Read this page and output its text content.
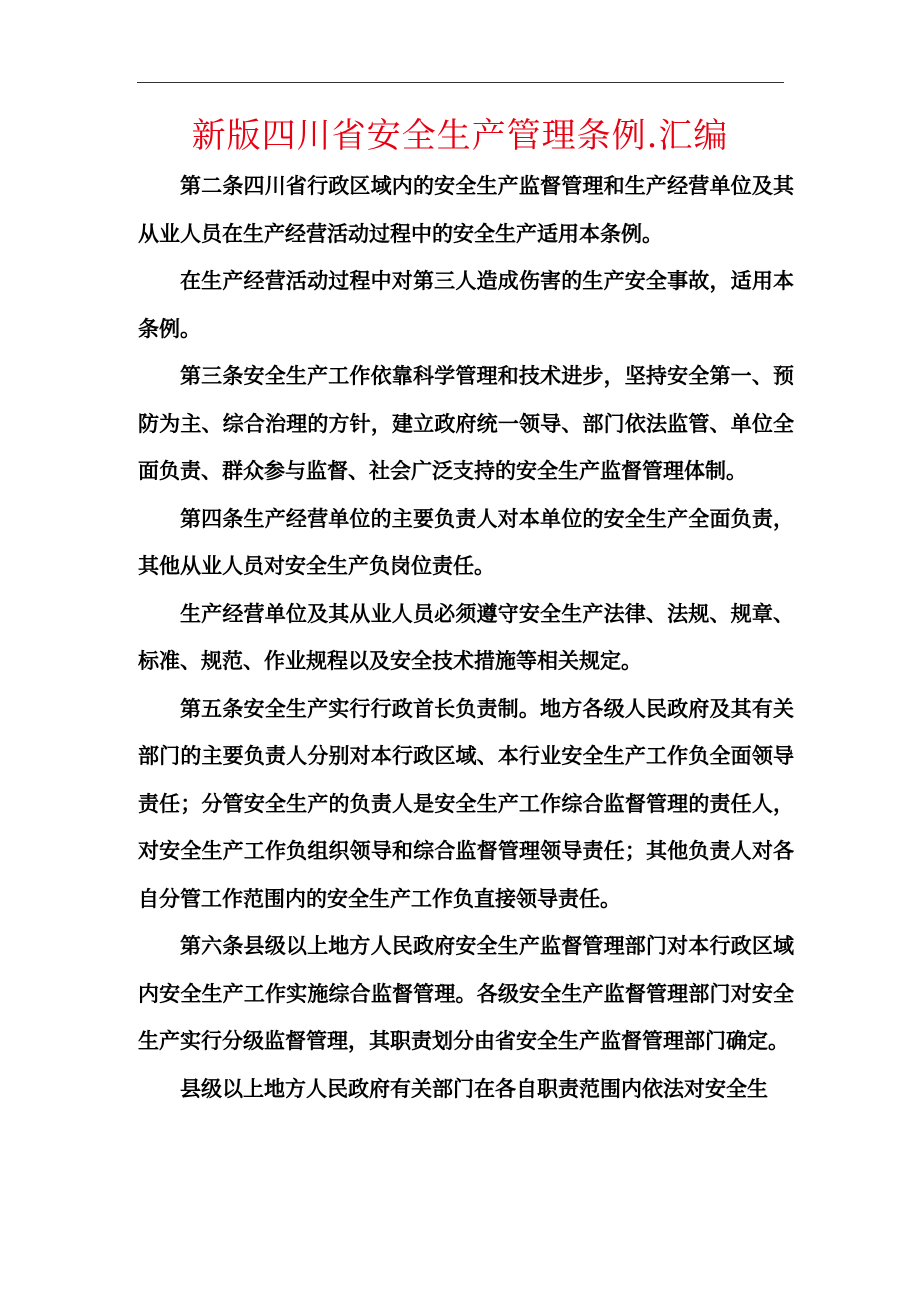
新版四川省安全生产管理条例.汇编

第二条四川省行政区域内的安全生产监督管理和生产经营单位及其从业人员在生产经营活动过程中的安全生产适用本条例。

在生产经营活动过程中对第三人造成伤害的生产安全事故，适用本条例。

第三条安全生产工作依靠科学管理和技术进步，坚持安全第一、预防为主、综合治理的方针，建立政府统一领导、部门依法监管、单位全面负责、群众参与监督、社会广泛支持的安全生产监督管理体制。

第四条生产经营单位的主要负责人对本单位的安全生产全面负责，其他从业人员对安全生产负岗位责任。

生产经营单位及其从业人员必须遵守安全生产法律、法规、规章、标准、规范、作业规程以及安全技术措施等相关规定。

第五条安全生产实行行政首长负责制。地方各级人民政府及其有关部门的主要负责人分别对本行政区域、本行业安全生产工作负全面领导责任；分管安全生产的负责人是安全生产工作综合监督管理的责任人，对安全生产工作负组织领导和综合监督管理领导责任；其他负责人对各自分管工作范围内的安全生产工作负直接领导责任。

第六条县级以上地方人民政府安全生产监督管理部门对本行政区域内安全生产工作实施综合监督管理。各级安全生产监督管理部门对安全生产实行分级监督管理，其职责划分由省安全生产监督管理部门确定。

县级以上地方人民政府有关部门在各自职责范围内依法对安全生
